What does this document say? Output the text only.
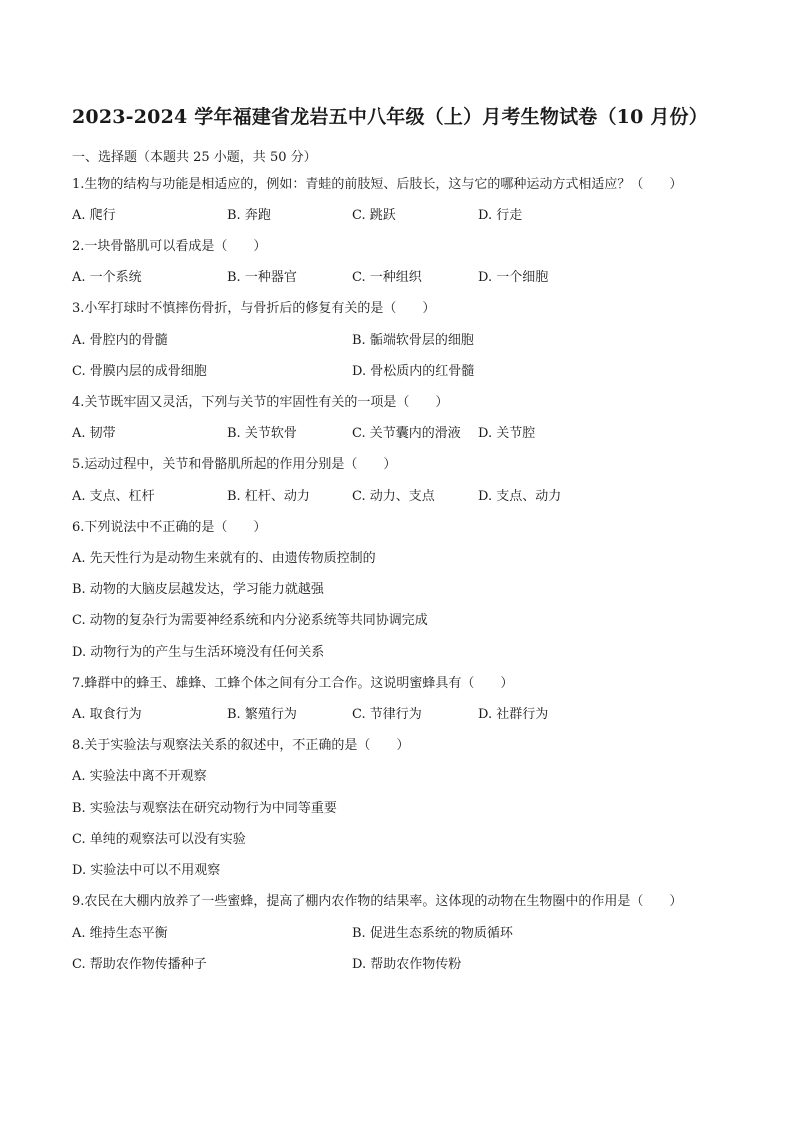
2023-2024 学年福建省龙岩五中八年级（上）月考生物试卷（10 月份）
一、选择题（本题共 25 小题，共 50 分）
1.生物的结构与功能是相适应的，例如：青蛙的前肢短、后肢长，这与它的哪种运动方式相适应？（　　）
A. 爬行	B. 奔跑	C. 跳跃	D. 行走
2.一块骨骼肌可以看成是（　　）
A. 一个系统	B. 一种器官	C. 一种组织	D. 一个细胞
3.小军打球时不慎摔伤骨折，与骨折后的修复有关的是（　　）
A. 骨腔内的骨髓	B. 骺端软骨层的细胞
C. 骨膜内层的成骨细胞	D. 骨松质内的红骨髓
4.关节既牢固又灵活，下列与关节的牢固性有关的一项是（　　）
A. 韧带	B. 关节软骨	C. 关节囊内的滑液 D. 关节腔
5.运动过程中，关节和骨骼肌所起的作用分别是（　　）
A. 支点、杠杆	B. 杠杆、动力	C. 动力、支点	D. 支点、动力
6.下列说法中不正确的是（　　）
A. 先天性行为是动物生来就有的、由遗传物质控制的
B. 动物的大脑皮层越发达，学习能力就越强
C. 动物的复杂行为需要神经系统和内分泌系统等共同协调完成
D. 动物行为的产生与生活环境没有任何关系
7.蜂群中的蜂王、雄蜂、工蜂个体之间有分工合作。这说明蜜蜂具有（　　）
A. 取食行为	B. 繁殖行为	C. 节律行为	D. 社群行为
8.关于实验法与观察法关系的叙述中，不正确的是（　　）
A. 实验法中离不开观察
B. 实验法与观察法在研究动物行为中同等重要
C. 单纯的观察法可以没有实验
D. 实验法中可以不用观察
9.农民在大棚内放养了一些蜜蜂，提高了棚内农作物的结果率。这体现的动物在生物圈中的作用是（　　）
A. 维持生态平衡	B. 促进生态系统的物质循环
C. 帮助农作物传播种子	D. 帮助农作物传粉
